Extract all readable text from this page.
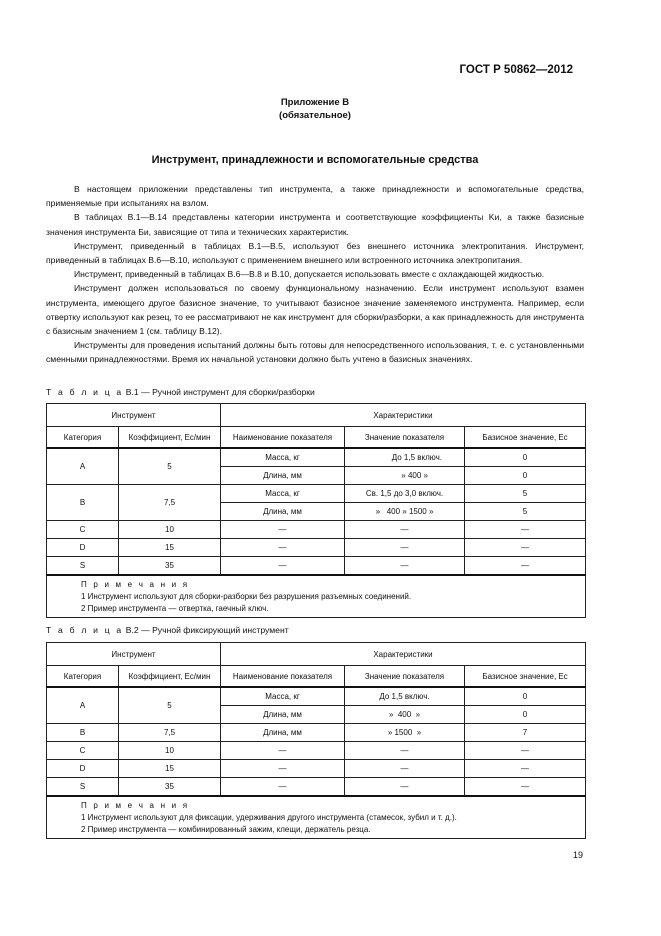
ГОСТ Р 50862—2012
Приложение В
(обязательное)
Инструмент, принадлежности и вспомогательные средства

В настоящем приложении представлены тип инструмента, а также принадлежности и вспомогательные средства, применяемые при испытаниях на взлом.

В таблицах В.1—В.14 представлены категории инструмента и соответствующие коэффициенты Kи, а также базисные значения инструмента Би, зависящие от типа и технических характеристик.

Инструмент, приведенный в таблицах В.1—В.5, используют без внешнего источника электропитания. Инструмент, приведенный в таблицах В.6—В.10, используют с применением внешнего или встроенного источника электропитания.

Инструмент, приведенный в таблицах В.6—В.8 и В.10, допускается использовать вместе с охлаждающей жидкостью.

Инструмент должен использоваться по своему функциональному назначению. Если инструмент используют взамен инструмента, имеющего другое базисное значение, то учитывают базисное значение заменяемого инструмента. Например, если отвертку используют как резец, то ее рассматривают не как инструмент для сборки/разборки, а как принадлежность для инструмента с базисным значением 1 (см. таблицу В.12).

Инструменты для проведения испытаний должны быть готовы для непосредственного использования, т. е. с установленными сменными принадлежностями. Время их начальной установки должно быть учтено в базисных значениях.

Т а б л и ц а В.1 — Ручной инструмент для сборки/разборки
Инструмент		Характеристики		
Категория	Коэффициент, Ес/мин	Наименование показателя	Значение показателя	Базисное значение, Ес
A	5	Масса, кг	До 1,5 включ.	0
		Длина, мм	» 400 »	0
B	7,5	Масса, кг	Св. 1,5 до 3,0 включ.	5
		Длина, мм	»   400 » 1500 »	5
C	10	—	—	—
D	15	—	—	—
S	35	—	—	—

П р и м е ч а н и я
1 Инструмент используют для сборки-разборки без разрушения разъемных соединений.
2 Пример инструмента — отвертка, гаечный ключ.				
Т а б л и ц а В.2 — Ручной фиксирующий инструмент
Инструмент		Характеристики		
Категория	Коэффициент, Ес/мин	Наименование показателя	Значение показателя	Базисное значение, Ес
A	5	Масса, кг	До 1,5 включ.	0
		Длина, мм	»  400  »	0
B	7,5	Длина, мм	» 1500  »	7
C	10	—	—	—
D	15	—	—	—
S	35	—	—	—

П р и м е ч а н и я
1 Инструмент используют для фиксации, удерживания другого инструмента (стамесок, зубил и т. д.).
2 Пример инструмента — комбинированный зажим, клещи, держатель резца.				
19
